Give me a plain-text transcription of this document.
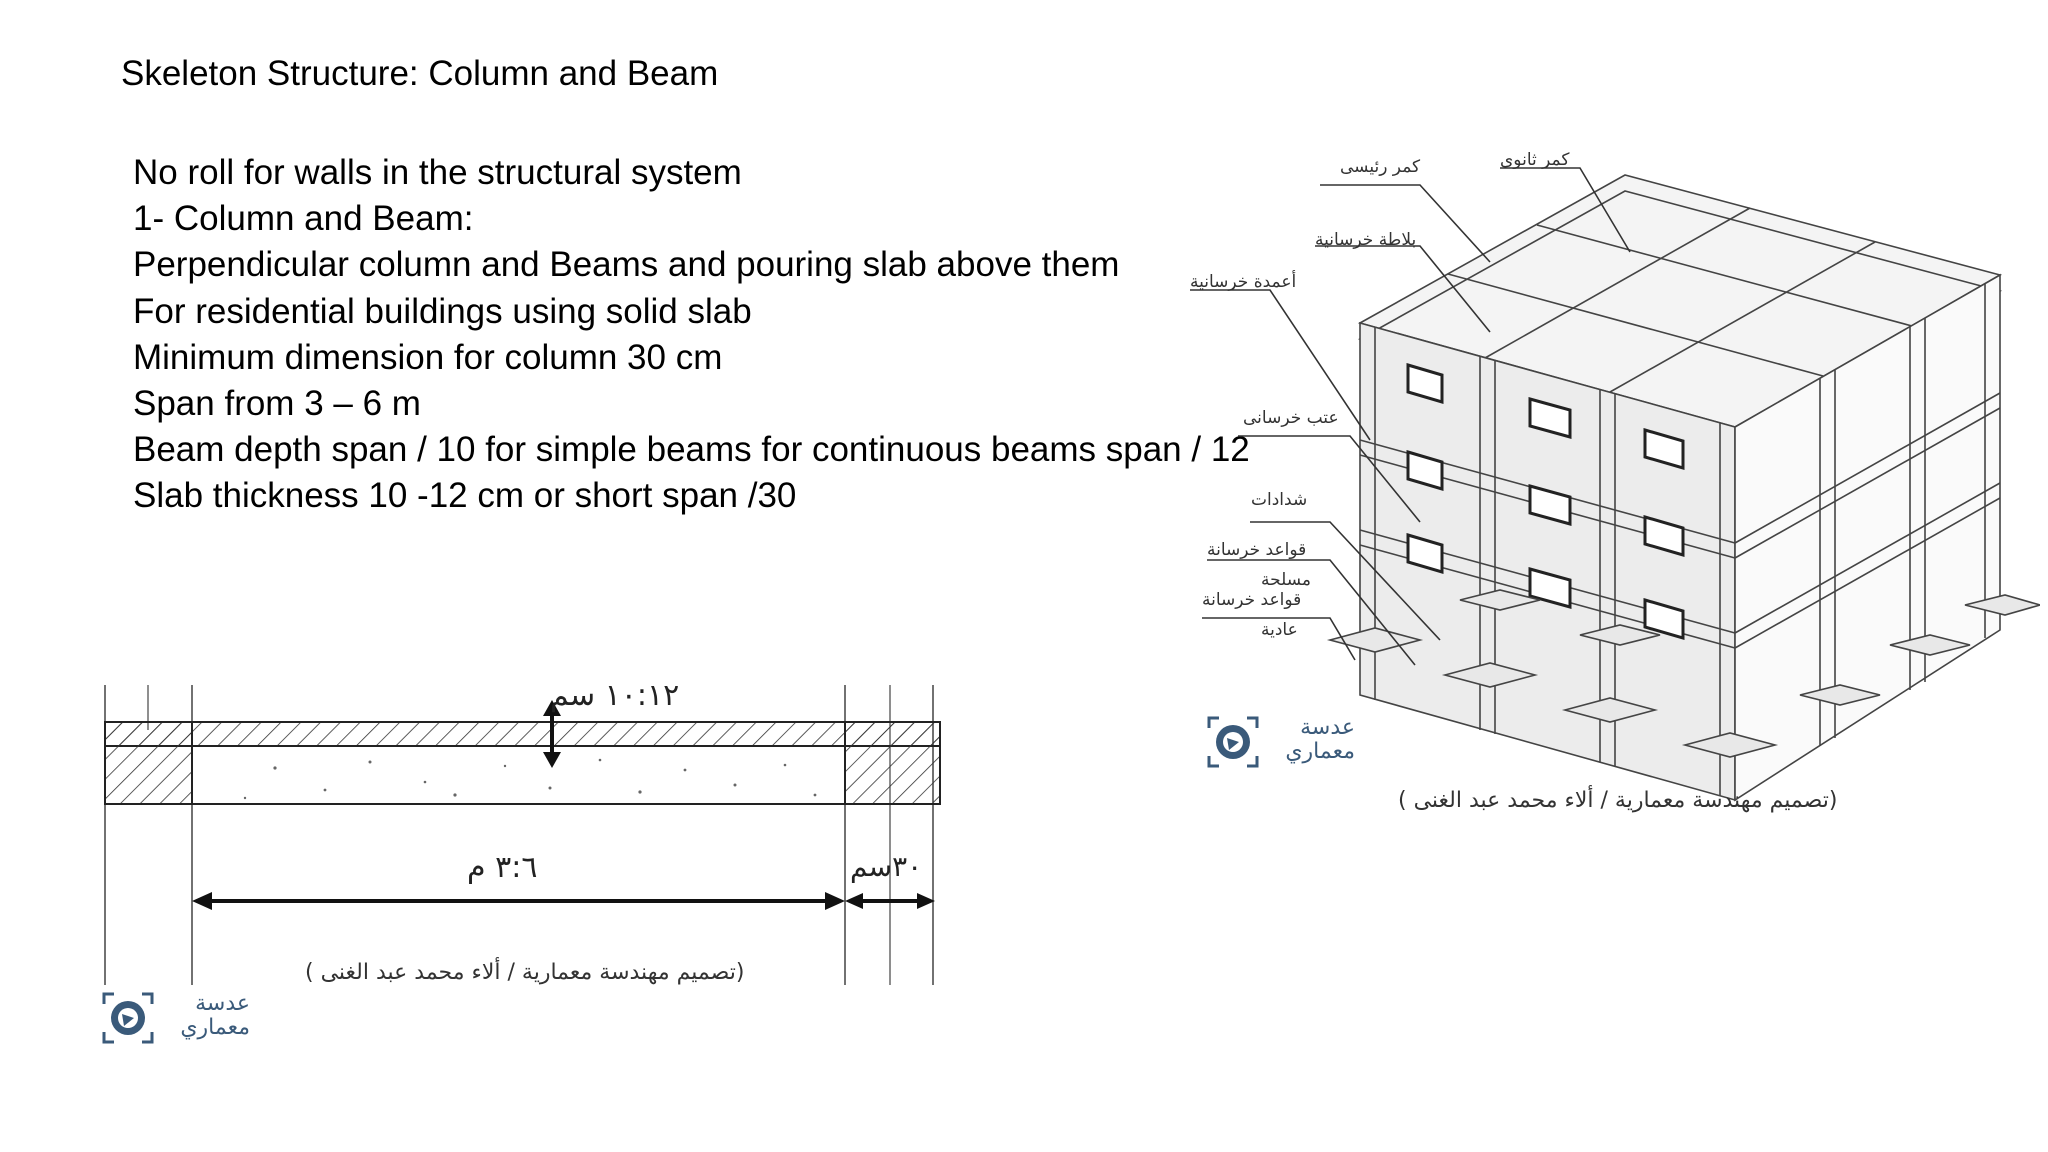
Skeleton Structure: Column and Beam
No roll for walls in the structural system
1- Column and Beam:
Perpendicular column and Beams and pouring slab above them
For residential buildings using solid slab
Minimum dimension for column 30 cm
Span from 3 – 6 m
Beam depth span / 10 for simple beams for continuous beams span / 12
Slab thickness 10 -12 cm or short span /30
١٠:١٢ سم
٣:٦ م	٣٠سم
(تصميم مهندسة معمارية / ألاء محمد عبد الغنى )
عدسة
معماري
كمر ثانوى
كمر رئيسى
بلاطة خرسانية
أعمدة خرسانية
عتب خرسانى
شدادات
قواعد خرسانة
مسلحة
قواعد خرسانة
عادية
عدسة
معماري
(تصميم مهندسة معمارية / ألاء محمد عبد الغنى )
